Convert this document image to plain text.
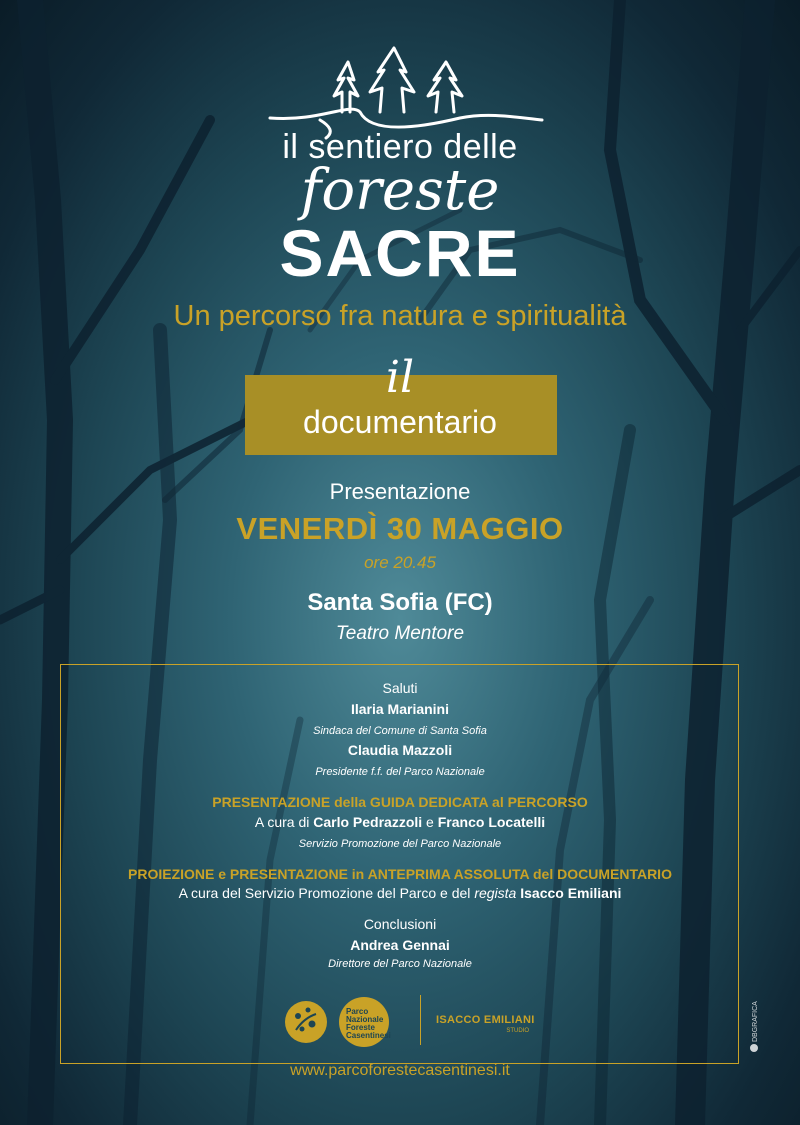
il sentiero delle
foreste
SACRE
Un percorso fra natura e spiritualità
il
documentario
Presentazione
VENERDÌ 30 MAGGIO
ore 20.45
Santa Sofia (FC)
Teatro Mentore
Saluti
Ilaria Marianini
Sindaca del Comune di Santa Sofia
Claudia Mazzoli
Presidente f.f. del Parco Nazionale
PRESENTAZIONE della GUIDA DEDICATA al PERCORSO
A cura di Carlo Pedrazzoli e Franco Locatelli
Servizio Promozione del Parco Nazionale
PROIEZIONE e PRESENTAZIONE in ANTEPRIMA ASSOLUTA del DOCUMENTARIO
A cura del Servizio Promozione del Parco e del regista Isacco Emiliani
Conclusioni
Andrea Gennai
Direttore del Parco Nazionale
Parco
Nazionale
Foreste
Casentinesi
ISACCO EMILIANI
STUDIO	DBGRAFICA
www.parcoforestecasentinesi.it
